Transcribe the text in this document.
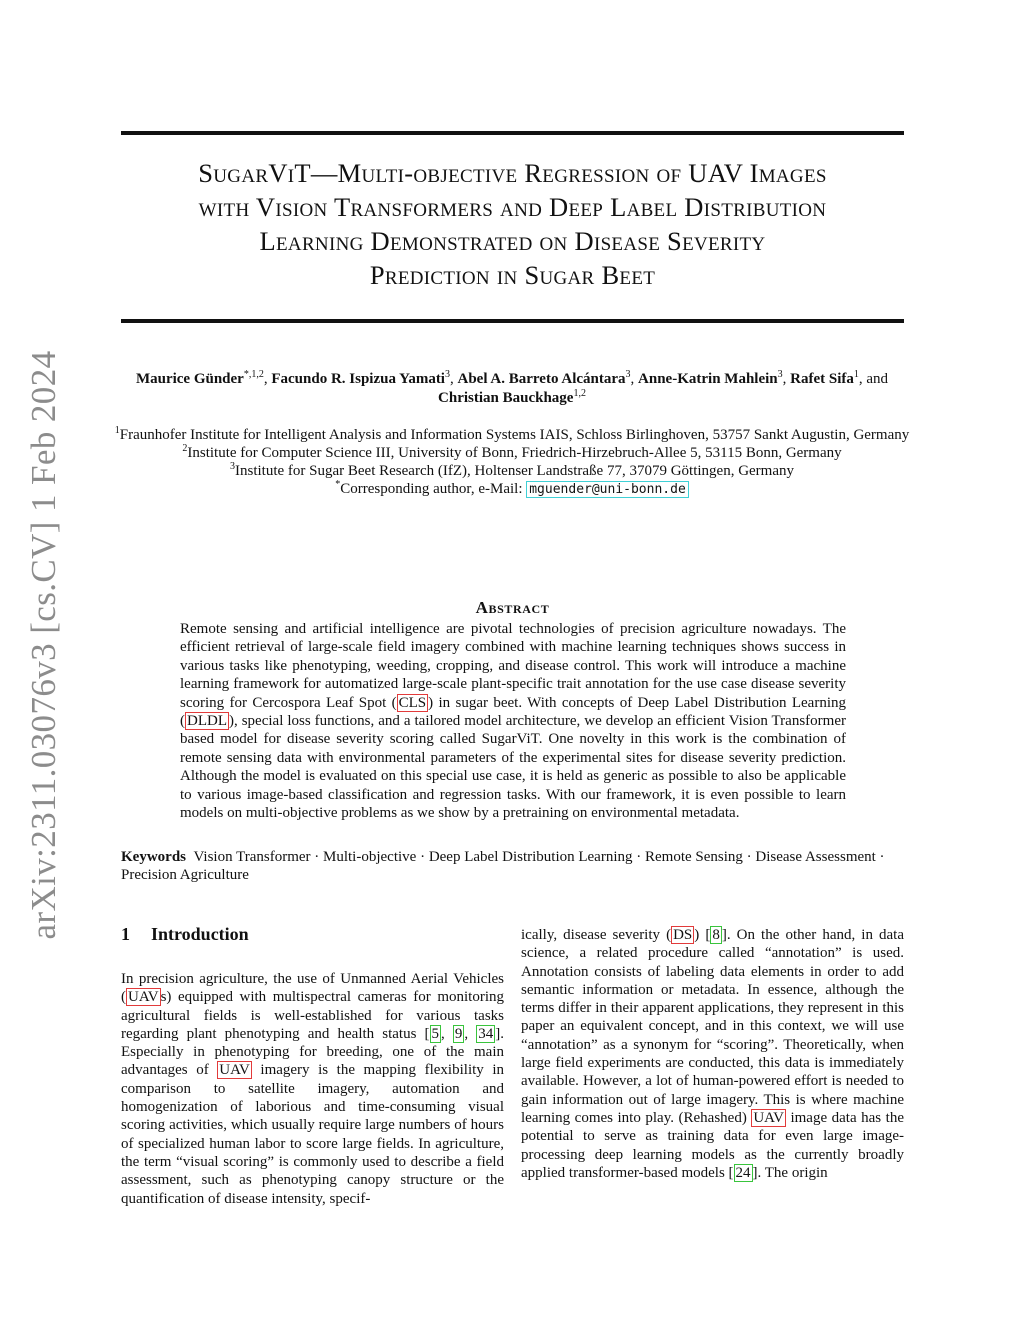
arXiv:2311.03076v3 [cs.CV] 1 Feb 2024
SugarViT—Multi-objective Regression of UAV Images
with Vision Transformers and Deep Label Distribution
Learning Demonstrated on Disease Severity
Prediction in Sugar Beet
Maurice Günder$^{*,1,2}$, Facundo R. Ispizua Yamati$^3$, Abel A. Barreto Alcántara$^3$, Anne-Katrin Mahlein$^3$, Rafet Sifa$^1$, and Christian Bauckhage$^{1,2}$
$^1$Fraunhofer Institute for Intelligent Analysis and Information Systems IAIS, Schloss Birlinghoven, 53757 Sankt Augustin, Germany
$^2$Institute for Computer Science III, University of Bonn, Friedrich-Hirzebruch-Allee 5, 53115 Bonn, Germany
$^3$Institute for Sugar Beet Research (IfZ), Holtenser Landstraße 77, 37079 Göttingen, Germany
*Corresponding author, e-Mail: mguender@uni-bonn.de
Abstract
Remote sensing and artificial intelligence are pivotal technologies of precision agriculture nowadays. The efficient retrieval of large-scale field imagery combined with machine learning techniques shows success in various tasks like phenotyping, weeding, cropping, and disease control. This work will introduce a machine learning framework for automatized large-scale plant-specific trait annotation for the use case disease severity scoring for Cercospora Leaf Spot ( CLS ) in sugar beet. With concepts of Deep Label Distribution Learning ( DLDL ), special loss functions, and a tailored model architecture, we develop an efficient Vision Transformer based model for disease severity scoring called SugarViT. One novelty in this work is the combination of remote sensing data with environmental parameters of the experimental sites for disease severity prediction. Although the model is evaluated on this special use case, it is held as generic as possible to also be applicable to various image-based classification and regression tasks. With our framework, it is even possible to learn models on multi-objective problems as we show by a pretraining on environmental metadata.
Keywords Vision Transformer · Multi-objective · Deep Label Distribution Learning · Remote Sensing · Disease Assessment · Precision Agriculture
1 Introduction
In precision agriculture, the use of Unmanned Aerial Vehicles ( UAV s) equipped with multispectral cameras for monitoring agricultural fields is well-established for various tasks regarding plant phenotyping and health status [ 5 , 9 , 34 ]. Especially in phenotyping for breeding, one of the main advantages of UAV imagery is the mapping flexibility in comparison to satellite imagery, automation and homogenization of laborious and time-consuming visual scoring activities, which usually require large numbers of hours of specialized human labor to score large fields. In agriculture, the term “visual scoring” is commonly used to describe a field assessment, such as phenotyping canopy structure or the quantification of disease intensity, specif-
ically, disease severity ( DS ) [ 8 ]. On the other hand, in data science, a related procedure called “annotation” is used. Annotation consists of labeling data elements in order to add semantic information or metadata. In essence, although the terms differ in their apparent applications, they represent in this paper an equivalent concept, and in this context, we will use “annotation” as a synonym for “scoring”. Theoretically, when large field experiments are conducted, this data is immediately available. However, a lot of human-powered effort is needed to gain information out of large imagery. This is where machine learning comes into play. (Rehashed) UAV image data has the potential to serve as training data for even large image-processing deep learning models as the currently broadly applied transformer-based models [ 24 ]. The origin
